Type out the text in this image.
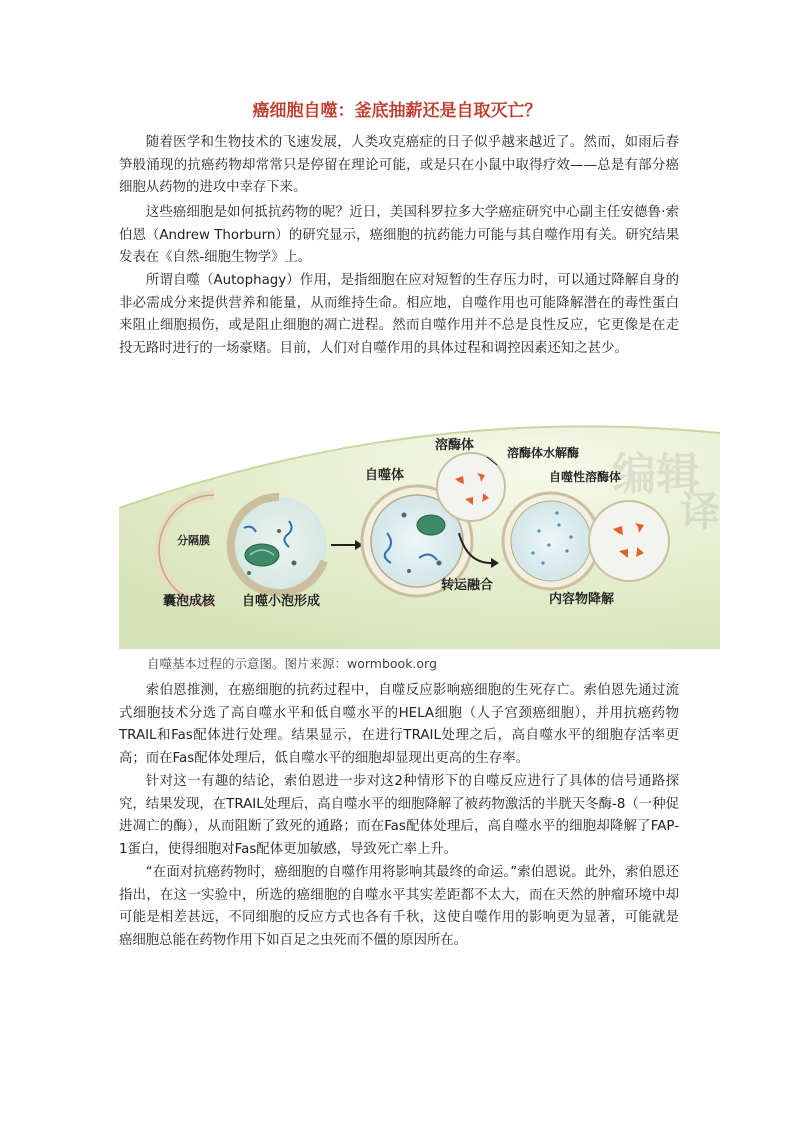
癌细胞自噬：釜底抽薪还是自取灭亡？

随着医学和生物技术的飞速发展，人类攻克癌症的日子似乎越来越近了。然而，如雨后春笋般涌现的抗癌药物却常常只是停留在理论可能，或是只在小鼠中取得疗效——总是有部分癌细胞从药物的进攻中幸存下来。

这些癌细胞是如何抵抗药物的呢？近日，美国科罗拉多大学癌症研究中心副主任安德鲁·索伯恩（Andrew Thorburn）的研究显示，癌细胞的抗药能力可能与其自噬作用有关。研究结果发表在《自然-细胞生物学》上。

所谓自噬（Autophagy）作用，是指细胞在应对短暂的生存压力时，可以通过降解自身的非必需成分来提供营养和能量，从而维持生命。相应地，自噬作用也可能降解潜在的毒性蛋白来阻止细胞损伤，或是阻止细胞的凋亡进程。然而自噬作用并不总是良性反应，它更像是在走投无路时进行的一场豪赌。目前，人们对自噬作用的具体过程和调控因素还知之甚少。

分隔膜
囊泡成核 自噬小泡形成
自噬体
溶酶体	溶酶体水解酶
自噬性溶酶体
转运融合
内容物降解
自噬基本过程的示意图。图片来源：wormbook.org

索伯恩推测，在癌细胞的抗药过程中，自噬反应影响癌细胞的生死存亡。索伯恩先通过流式细胞技术分选了高自噬水平和低自噬水平的HELA细胞（人子宫颈癌细胞），并用抗癌药物TRAIL和Fas配体进行处理。结果显示，在进行TRAIL处理之后，高自噬水平的细胞存活率更高；而在Fas配体处理后，低自噬水平的细胞却显现出更高的生存率。

针对这一有趣的结论，索伯恩进一步对这2种情形下的自噬反应进行了具体的信号通路探究，结果发现，在TRAIL处理后，高自噬水平的细胞降解了被药物激活的半胱天冬酶-8（一种促进凋亡的酶），从而阻断了致死的通路；而在Fas配体处理后，高自噬水平的细胞却降解了FAP-1蛋白，使得细胞对Fas配体更加敏感，导致死亡率上升。

“在面对抗癌药物时，癌细胞的自噬作用将影响其最终的命运。”索伯恩说。此外，索伯恩还指出，在这一实验中，所选的癌细胞的自噬水平其实差距都不太大，而在天然的肿瘤环境中却可能是相差甚远，不同细胞的反应方式也各有千秋，这使自噬作用的影响更为显著，可能就是癌细胞总能在药物作用下如百足之虫死而不僵的原因所在。
